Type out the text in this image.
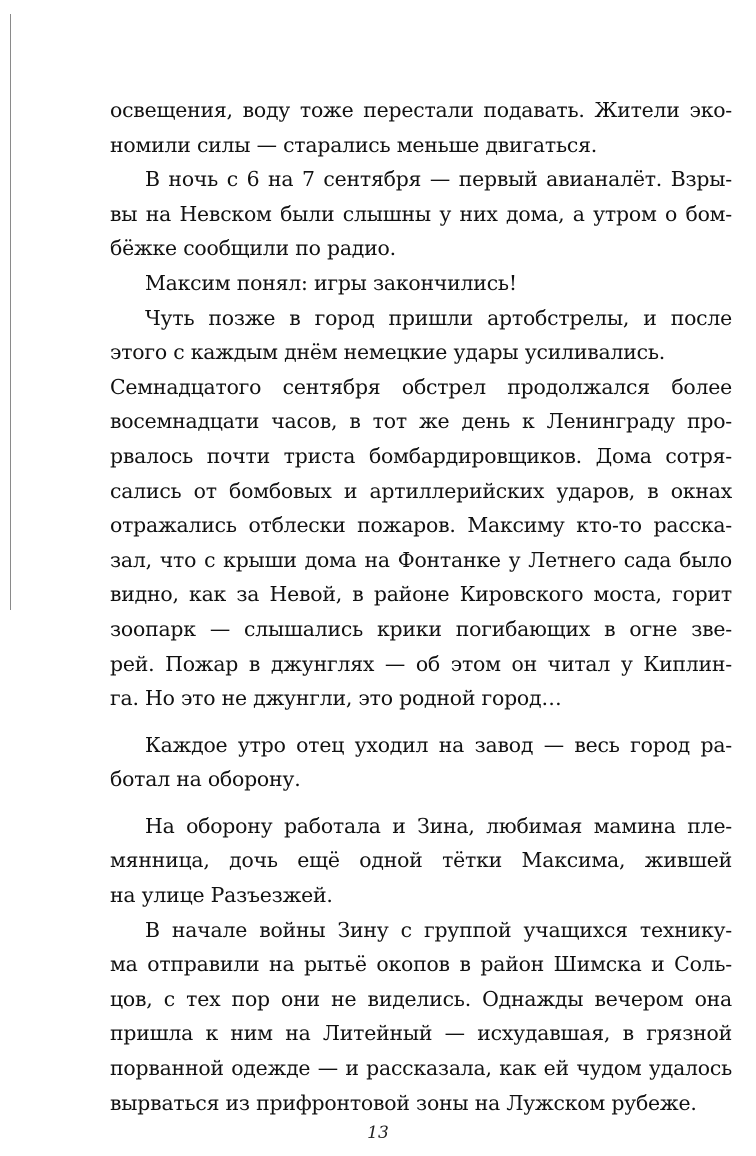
освещения, воду тоже перестали подавать. Жители эко-
номили силы — старались меньше двигаться.
В ночь с 6 на 7 сентября — первый авианалёт. Взры-
вы на Невском были слышны у них дома, а утром о бом-
бёжке сообщили по радио.
Максим понял: игры закончились!
Чуть позже в город пришли артобстрелы, и после
этого с каждым днём немецкие удары усиливались.
Семнадцатого сентября обстрел продолжался более
восемнадцати часов, в тот же день к Ленинграду про-
рвалось почти триста бомбардировщиков. Дома сотря-
сались от бомбовых и артиллерийских ударов, в окнах
отражались отблески пожаров. Максиму кто-то расска-
зал, что с крыши дома на Фонтанке у Летнего сада было
видно, как за Невой, в районе Кировского моста, горит
зоопарк — слышались крики погибающих в огне зве-
рей. Пожар в джунглях — об этом он читал у Киплин-
га. Но это не джунгли, это родной город…
Каждое утро отец уходил на завод — весь город ра-
ботал на оборону.
На оборону работала и Зина, любимая мамина пле-
мянница, дочь ещё одной тётки Максима, жившей
на улице Разъезжей.
В начале войны Зину с группой учащихся технику-
ма отправили на рытьё окопов в район Шимска и Соль-
цов, с тех пор они не виделись. Однажды вечером она
пришла к ним на Литейный — исхудавшая, в грязной
порванной одежде — и рассказала, как ей чудом удалось
вырваться из прифронтовой зоны на Лужском рубеже.
13
